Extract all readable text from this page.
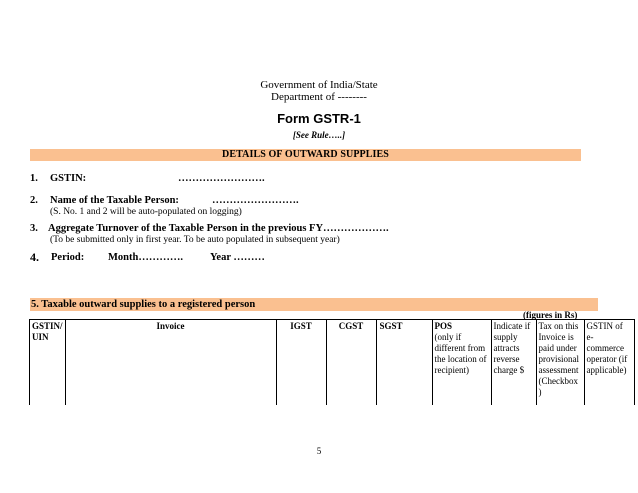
Government of India/State
Department of --------
Form GSTR-1
[See Rule…..]
DETAILS OF OUTWARD SUPPLIES
1. GSTIN:	…………………….
2. Name of the Taxable Person:	…………………….
(S. No. 1 and 2 will be auto-populated on logging)
3. Aggregate Turnover of the Taxable Person in the previous FY……………….
(To be submitted only in first year. To be auto populated in subsequent year)
4. Period: Month………….	Year ………
5. Taxable outward supplies to a registered person
(figures in Rs)
GSTIN/ UIN	Invoice	IGST	CGST	SGST	POS
(only if
different from
the location of
recipient)	Indicate if
supply
attracts
reverse
charge $	Tax on this
Invoice is
paid under
provisional
assessment
(Checkbox
)	GSTIN of
e-
commerce
operator (if
applicable)
5
